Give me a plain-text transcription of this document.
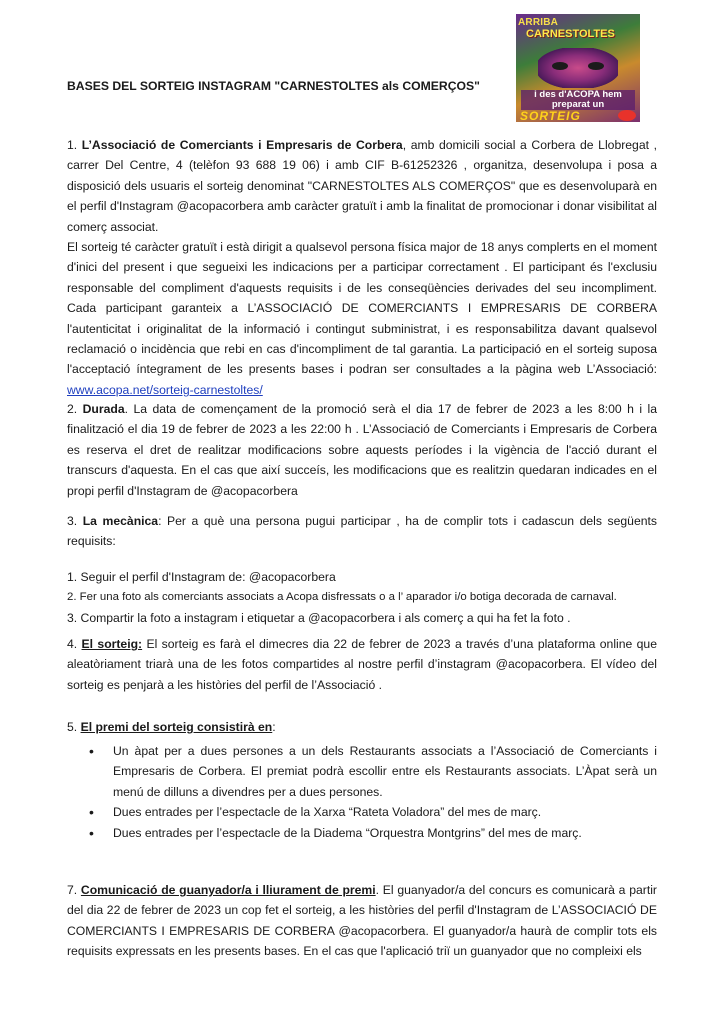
ARRIBA
CARNESTOLTES
i des d'ACOPA hem preparat un
SORTEIG
BASES DEL SORTEIG INSTAGRAM "CARNESTOLTES als COMERÇOS"

1. L’Associació de Comerciants i Empresaris de Corbera, amb domicili social a Corbera de Llobregat , carrer Del Centre, 4 (telèfon 93 688 19 06) i amb CIF B-61252326 , organitza, desenvolupa i posa a disposició dels usuaris el sorteig denominat "CARNESTOLTES ALS COMERÇOS" que es desenvoluparà en el perfil d'Instagram @acopacorbera amb caràcter gratuït i amb la finalitat de promocionar i donar visibilitat al comerç associat.
El sorteig té caràcter gratuït i està dirigit a qualsevol persona física major de 18 anys complerts en el moment d'inici del present i que segueixi les indicacions per a participar correctament . El participant és l'exclusiu responsable del compliment d'aquests requisits i de les conseqüències derivades del seu incompliment. Cada participant garanteix a L’ASSOCIACIÓ DE COMERCIANTS I EMPRESARIS DE CORBERA l'autenticitat i originalitat de la informació i contingut subministrat, i es responsabilitza davant qualsevol reclamació o incidència que rebi en cas d'incompliment de tal garantia. La participació en el sorteig suposa l'acceptació íntegrament de les presents bases i podran ser consultades a la pàgina web L’Associació: www.acopa.net/sorteig-carnestoltes/

2. Durada. La data de començament de la promoció serà el dia 17 de febrer de 2023 a les 8:00 h i la finalització el dia 19 de febrer de 2023 a les 22:00 h . L’Associació de Comerciants i Empresaris de Corbera es reserva el dret de realitzar modificacions sobre aquests períodes i la vigència de l'acció durant el transcurs d'aquesta. En el cas que així succeís, les modificacions que es realitzin quedaran indicades en el propi perfil d'Instagram de @acopacorbera

3. La mecànica: Per a què una persona pugui participar , ha de complir tots i cadascun dels següents requisits:

1. Seguir el perfil d'Instagram de: @acopacorbera
2. Fer una foto als comerciants associats a Acopa disfressats o a l’ aparador i/o botiga decorada de carnaval.
3. Compartir la foto a instagram i etiquetar a @acopacorbera i als comerç a qui ha fet la foto .

4. El sorteig: El sorteig es farà el dimecres dia 22 de febrer de 2023 a través d’una plataforma online que aleatòriament triarà una de les fotos compartides al nostre perfil d’instagram @acopacorbera. El vídeo del sorteig es penjarà a les històries del perfil de l’Associació .

5. El premi del sorteig consistirà en:

• Un àpat per a dues persones a un dels Restaurants associats a l’Associació de Comerciants i Empresaris de Corbera. El premiat podrà escollir entre els Restaurants associats. L’Àpat serà un menú de dilluns a divendres per a dues persones.
• Dues entrades per l’espectacle de la Xarxa “Rateta Voladora” del mes de març.
• Dues entrades per l’espectacle de la Diadema “Orquestra Montgrins” del mes de març.

7. Comunicació de guanyador/a i lliurament de premi. El guanyador/a del concurs es comunicarà a partir del dia 22 de febrer de 2023 un cop fet el sorteig, a les històries del perfil d'Instagram de L’ASSOCIACIÓ DE COMERCIANTS I EMPRESARIS DE CORBERA @acopacorbera. El guanyador/a haurà de complir tots els requisits expressats en les presents bases. En el cas que l'aplicació triï un guanyador que no compleixi els
